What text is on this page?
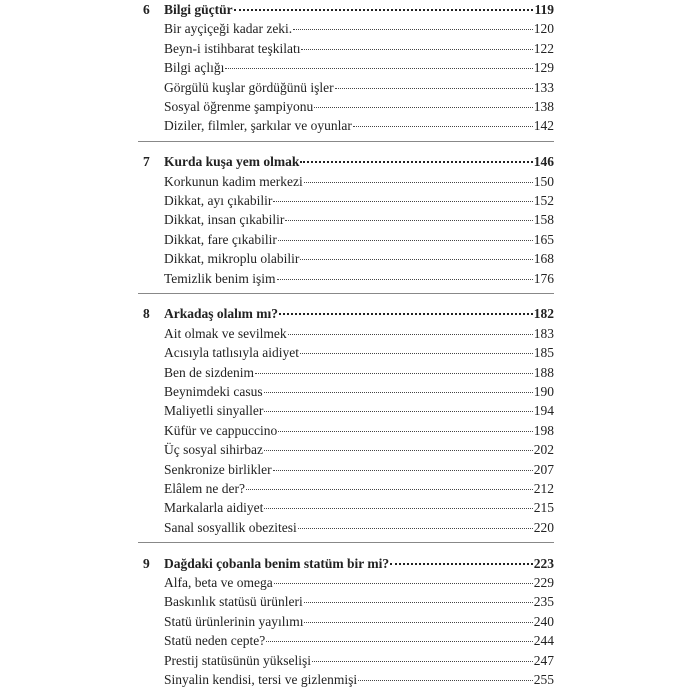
6 Bilgi güçtür	119
Bir ayçiçeği kadar zeki.	120
Beyn-i istihbarat teşkilatı	122
Bilgi açlığı	129
Görgülü kuşlar gördüğünü işler	133
Sosyal öğrenme şampiyonu	138
Diziler, filmler, şarkılar ve oyunlar	142
7 Kurda kuşa yem olmak	146
Korkunun kadim merkezi	150
Dikkat, ayı çıkabilir	152
Dikkat, insan çıkabilir	158
Dikkat, fare çıkabilir	165
Dikkat, mikroplu olabilir	168
Temizlik benim işim	176
8 Arkadaş olalım mı?	182
Ait olmak ve sevilmek	183
Acısıyla tatlısıyla aidiyet	185
Ben de sizdenim	188
Beynimdeki casus	190
Maliyetli sinyaller	194
Küfür ve cappuccino	198
Üç sosyal sihirbaz	202
Senkronize birlikler	207
Elâlem ne der?	212
Markalarla aidiyet	215
Sanal sosyallik obezitesi	220
9 Dağdaki çobanla benim statüm bir mi?	223
Alfa, beta ve omega	229
Baskınlık statüsü ürünleri	235
Statü ürünlerinin yayılımı	240
Statü neden cepte?	244
Prestij statüsünün yükselişi	247
Sinyalin kendisi, tersi ve gizlenmişi	255
